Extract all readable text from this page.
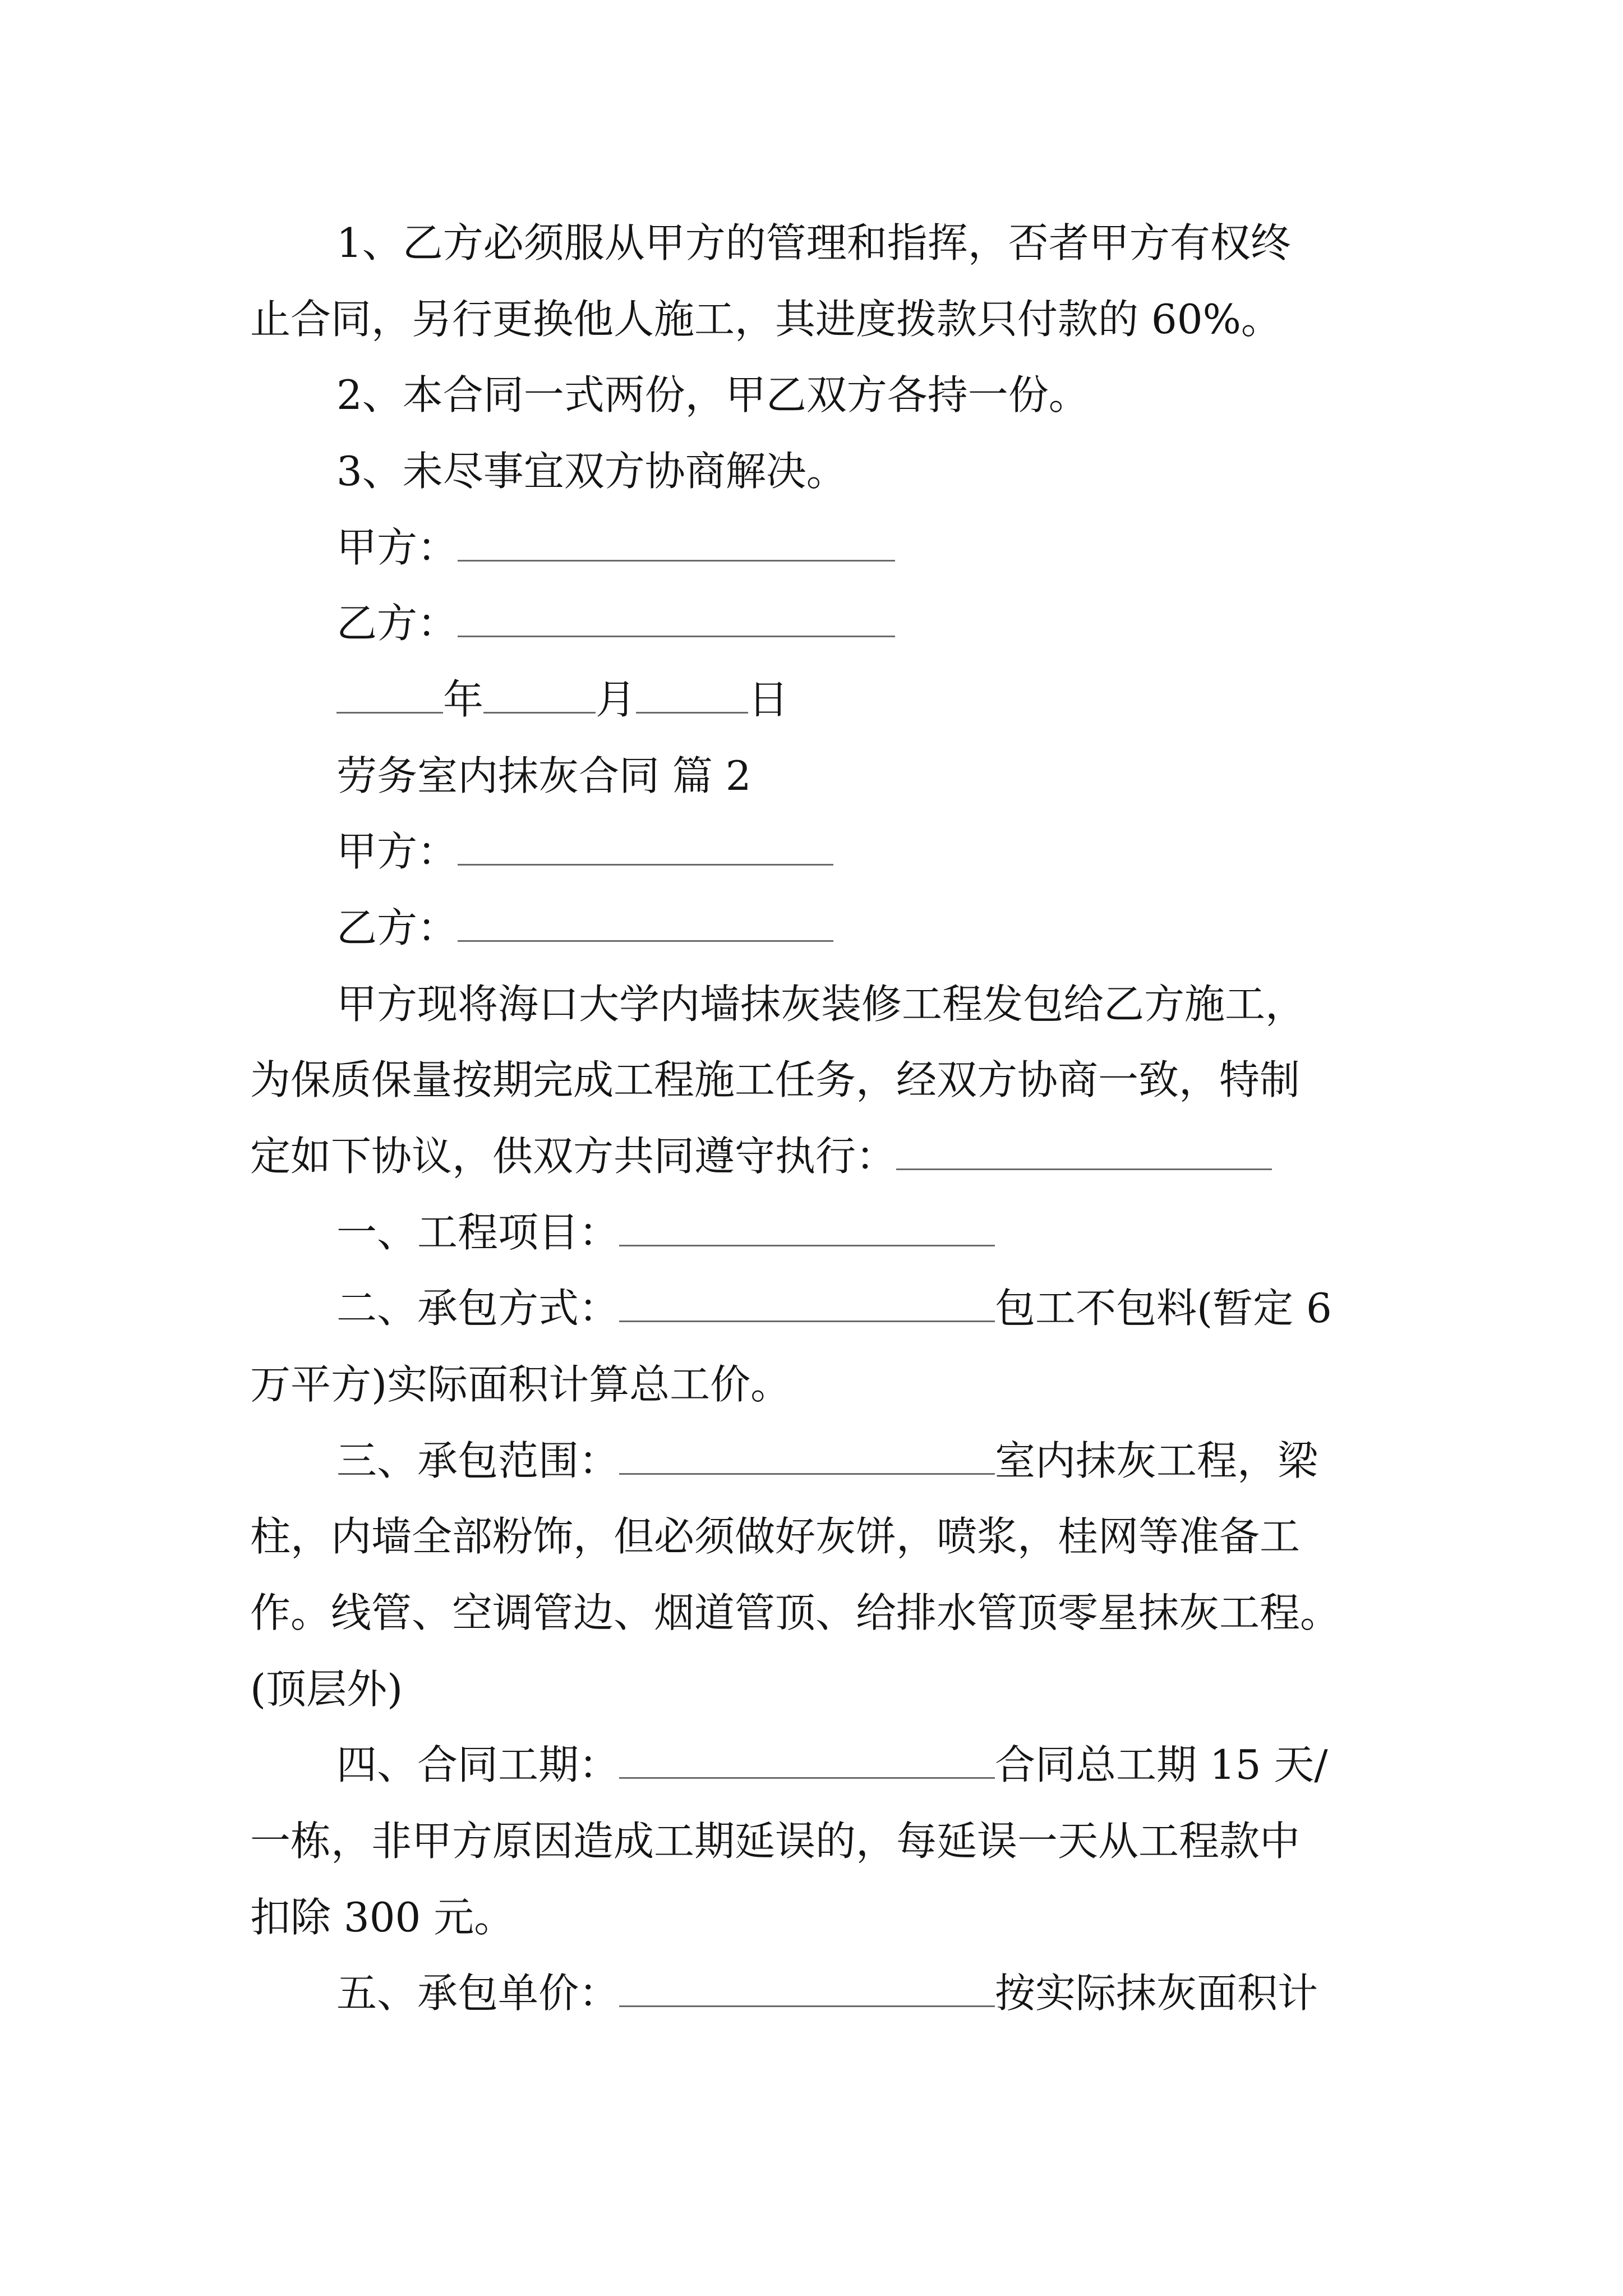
1、乙方必须服从甲方的管理和指挥，否者甲方有权终
止合同，另行更换他人施工，其进度拨款只付款的 60%。
2、本合同一式两份，甲乙双方各持一份。
3、未尽事宜双方协商解决。
甲方：
乙方：
年	月	日
劳务室内抹灰合同 篇 2
甲方：
乙方：
甲方现将海口大学内墙抹灰装修工程发包给乙方施工，
为保质保量按期完成工程施工任务，经双方协商一致，特制
定如下协议，供双方共同遵守执行：
一、工程项目：
二、承包方式：	包工不包料(暂定 6
万平方)实际面积计算总工价。
三、承包范围：	室内抹灰工程，梁
柱，内墙全部粉饰，但必须做好灰饼，喷浆，桂网等准备工
作。线管、空调管边、烟道管顶、给排水管顶零星抹灰工程。
(顶层外)
四、合同工期：	合同总工期 15 天/
一栋，非甲方原因造成工期延误的，每延误一天从工程款中
扣除 300 元。
五、承包单价：	按实际抹灰面积计
